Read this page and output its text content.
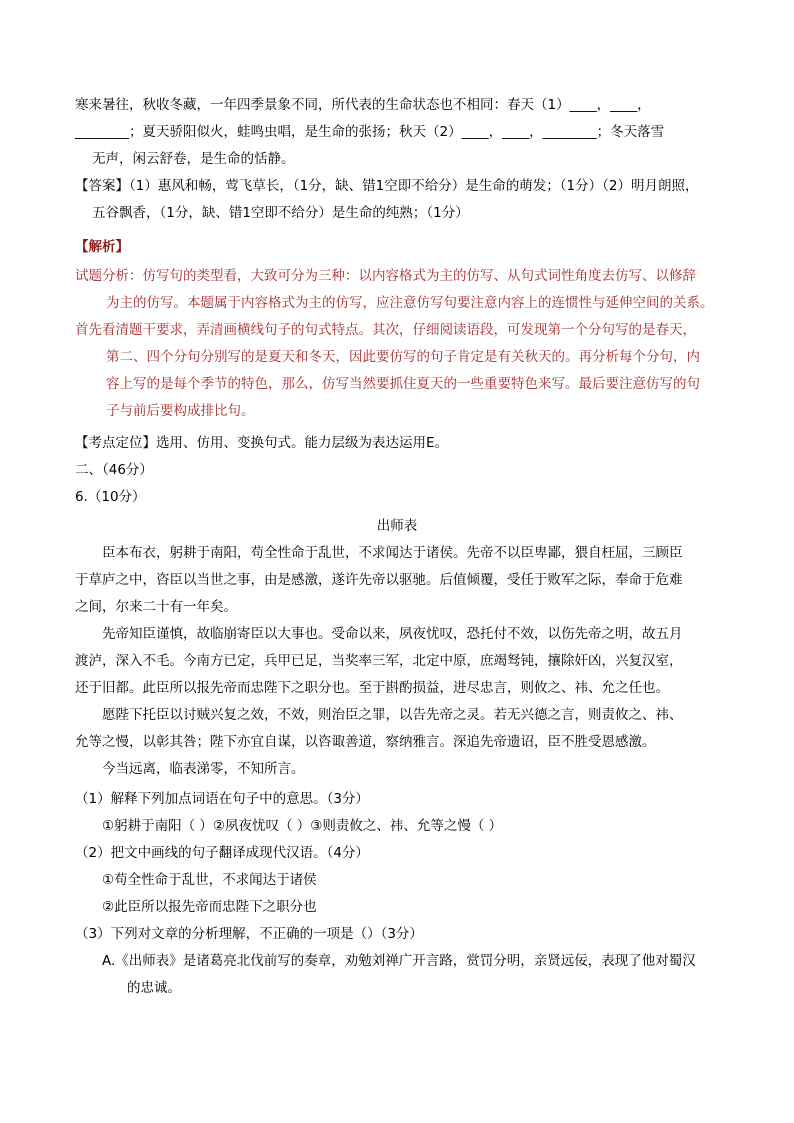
寒来暑往，秋收冬藏，一年四季景象不同，所代表的生命状态也不相同：春天（1）____，____，
________；夏天骄阳似火，蛙鸣虫唱，是生命的张扬；秋天（2）____，____，________；冬天落雪
无声，闲云舒卷，是生命的恬静。
【答案】（1）惠风和畅，莺飞草长，（1分，缺、错1空即不给分）是生命的萌发；（1分）（2）明月朗照，
五谷飘香，（1分，缺、错1空即不给分）是生命的纯熟；（1分）
【解析】
试题分析：仿写句的类型看，大致可分为三种：以内容格式为主的仿写、从句式词性角度去仿写、以修辞
为主的仿写。本题属于内容格式为主的仿写，应注意仿写句要注意内容上的连惯性与延伸空间的关系。
首先看清题干要求，弄清画横线句子的句式特点。其次，仔细阅读语段，可发现第一个分句写的是春天，
第二、四个分句分别写的是夏天和冬天，因此要仿写的句子肯定是有关秋天的。再分析每个分句，内
容上写的是每个季节的特色，那么，仿写当然要抓住夏天的一些重要特色来写。最后要注意仿写的句
子与前后要构成排比句。
【考点定位】选用、仿用、变换句式。能力层级为表达运用E。
二、（46分）
6.（10分）
出师表
臣本布衣，躬耕于南阳，苟全性命于乱世，不求闻达于诸侯。先帝不以臣卑鄙，猥自枉屈，三顾臣
于草庐之中，咨臣以当世之事，由是感激，遂许先帝以驱驰。后值倾覆，受任于败军之际，奉命于危难
之间，尔来二十有一年矣。
先帝知臣谨慎，故临崩寄臣以大事也。受命以来，夙夜忧叹，恐托付不效，以伤先帝之明，故五月
渡泸，深入不毛。今南方已定，兵甲已足，当奖率三军，北定中原，庶竭驽钝，攘除奸凶，兴复汉室，
还于旧都。此臣所以报先帝而忠陛下之职分也。至于斟酌损益，进尽忠言，则攸之、祎、允之任也。
愿陛下托臣以讨贼兴复之效，不效，则治臣之罪，以告先帝之灵。若无兴德之言，则责攸之、祎、
允等之慢，以彰其咎；陛下亦宜自谋，以咨诹善道，察纳雅言。深追先帝遗诏，臣不胜受恩感激。
今当远离，临表涕零，不知所言。
（1）解释下列加点词语在句子中的意思。（3分）
①躬耕于南阳（ ）②夙夜忧叹（ ）③则责攸之、祎、允等之慢（ ）
（2）把文中画线的句子翻译成现代汉语。（4分）
①苟全性命于乱世，不求闻达于诸侯
②此臣所以报先帝而忠陛下之职分也
（3）下列对文章的分析理解，不正确的一项是（）（3分）
A.《出师表》是诸葛亮北伐前写的奏章，劝勉刘禅广开言路，赏罚分明，亲贤远佞，表现了他对蜀汉
的忠诚。
